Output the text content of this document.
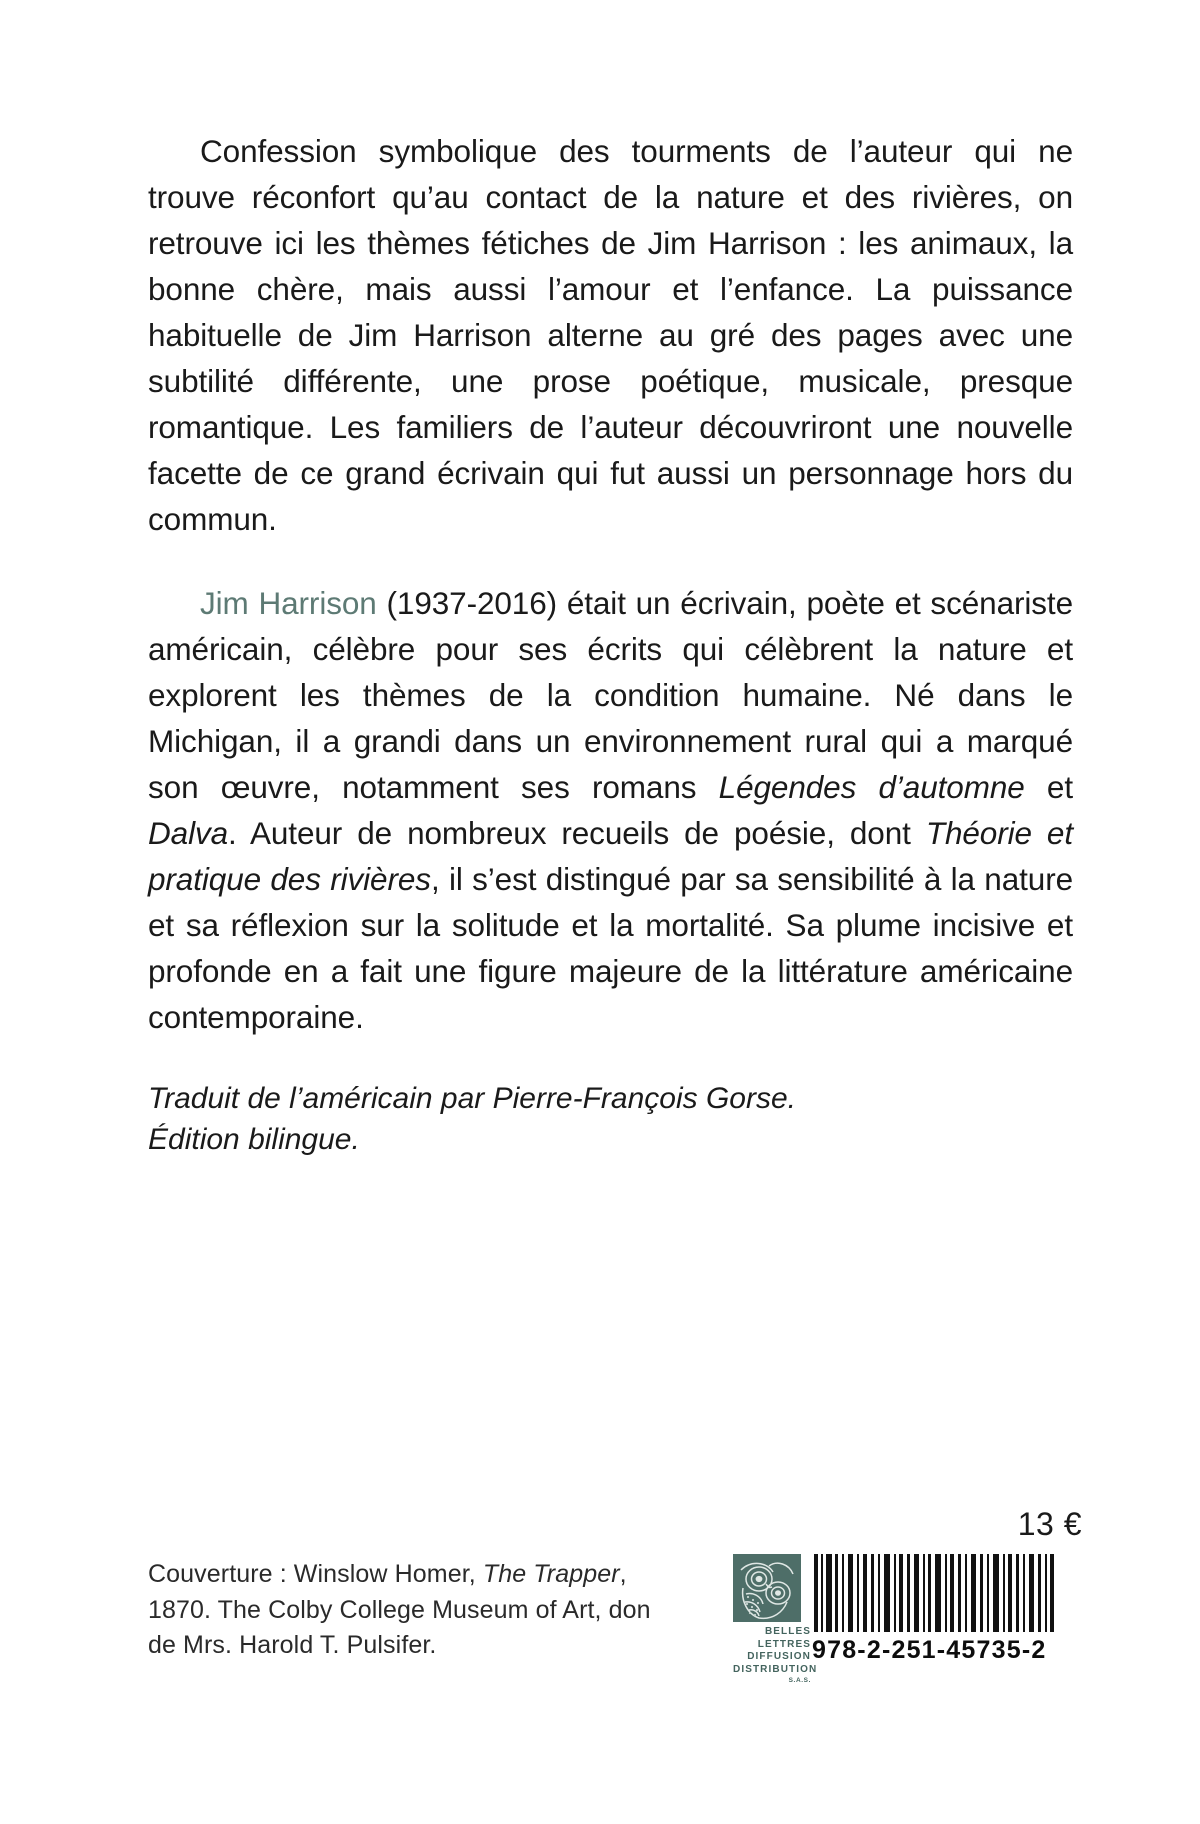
Confession symbolique des tourments de l’auteur qui ne trouve réconfort qu’au contact de la nature et des rivières, on retrouve ici les thèmes fétiches de Jim Harrison : les animaux, la bonne chère, mais aussi l’amour et l’enfance. La puissance habituelle de Jim Harrison alterne au gré des pages avec une subtilité différente, une prose poétique, musicale, presque romantique. Les familiers de l’auteur découvriront une nouvelle facette de ce grand écrivain qui fut aussi un personnage hors du commun.

Jim Harrison (1937-2016) était un écrivain, poète et scénariste américain, célèbre pour ses écrits qui célèbrent la nature et explorent les thèmes de la condition humaine. Né dans le Michigan, il a grandi dans un environnement rural qui a marqué son œuvre, notamment ses romans Légendes d’automne et Dalva. Auteur de nombreux recueils de poésie, dont Théorie et pratique des rivières, il s’est distingué par sa sensibilité à la nature et sa réflexion sur la solitude et la mortalité. Sa plume incisive et profonde en a fait une figure majeure de la littérature américaine contemporaine.

Traduit de l’américain par Pierre-François Gorse.
Édition bilingue.
13 €
Couverture : Winslow Homer, The Trapper, 1870. The Colby College Museum of Art, don de Mrs. Harold T. Pulsifer.	BELLES LETTRES
DIFFUSION
DISTRIBUTION
S.A.S.
978-2-251-45735-2
